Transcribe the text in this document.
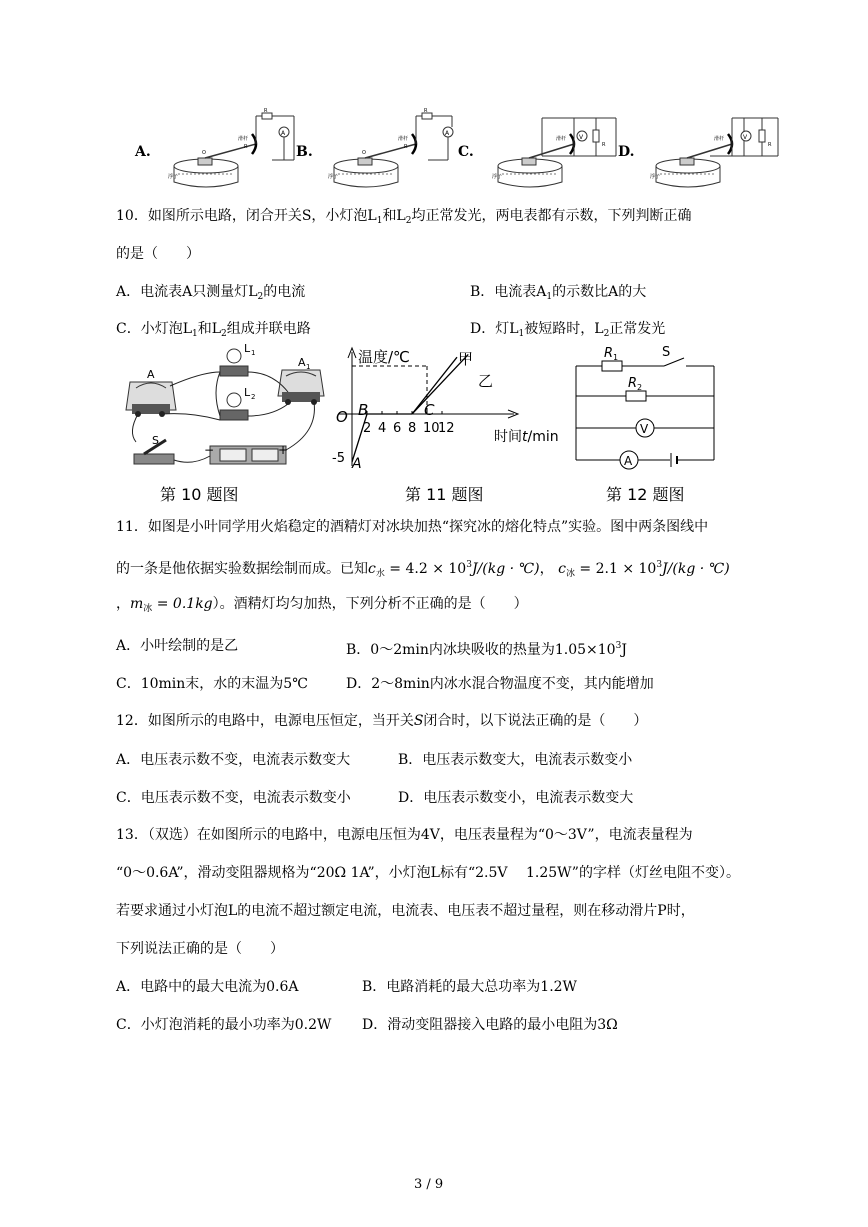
A.	B.	C.	D.
A
滑杆
O
R
R
浮子
A
滑杆
O
R
R
浮子
V
滑杆
R
浮子
V
滑杆
R
浮子
10．如图所示电路，闭合开关S，小灯泡$L_1$和$L_2$均正常发光，两电表都有示数，下列判断正确
的是（　　）
A．电流表A只测量灯$L_2$的电流	B．电流表$A_1$的示数比A的大
C．小灯泡$L_1$和$L_2$组成并联电路	D．灯$L_1$被短路时，$L_2$正常发光
A
L 1
L 2
A 1
S
−	+
第 10 题图
2 4 6 8 10
12
温度/℃
O
-5 A
B	C
甲
乙
时间t/min
第 11 题图
R 1
R 2
S
V
A
第 12 题图
11．如图是小叶同学用火焰稳定的酒精灯对冰块加热“探究冰的熔化特点”实验。图中两条图线中
的一条是他依据实验数据绘制而成。已知$c_水 = 4.2 \times 10^3J/(kg$ · ℃)， $c_冰 = 2.1 \times 10^3J/(kg$ · ℃)
，$m_冰 = 0.1kg$）。酒精灯均匀加热，下列分析不正确的是（　　）
A．小叶绘制的是乙	B．0～2min内冰块吸收的热量为$1.05\times 10^3J$
C．10min末，水的末温为5℃	D．2～8min内冰水混合物温度不变，其内能增加
12．如图所示的电路中，电源电压恒定，当开关S闭合时，以下说法正确的是（　　）
A．电压表示数不变，电流表示数变大	B．电压表示数变大，电流表示数变小
C．电压表示数不变，电流表示数变小	D．电压表示数变小，电流表示数变大
13．（双选）在如图所示的电路中，电源电压恒为4V，电压表量程为“0～3V”，电流表量程为
“0～0.6A”，滑动变阻器规格为“20Ω 1A”，小灯泡L标有“2.5V　 1.25W”的字样（灯丝电阻不变）。
若要求通过小灯泡L的电流不超过额定电流，电流表、电压表不超过量程，则在移动滑片P时，
下列说法正确的是（　　）
A．电路中的最大电流为0.6A	B．电路消耗的最大总功率为1.2W
C．小灯泡消耗的最小功率为0.2W D．滑动变阻器接入电路的最小电阻为3Ω
3 / 9
